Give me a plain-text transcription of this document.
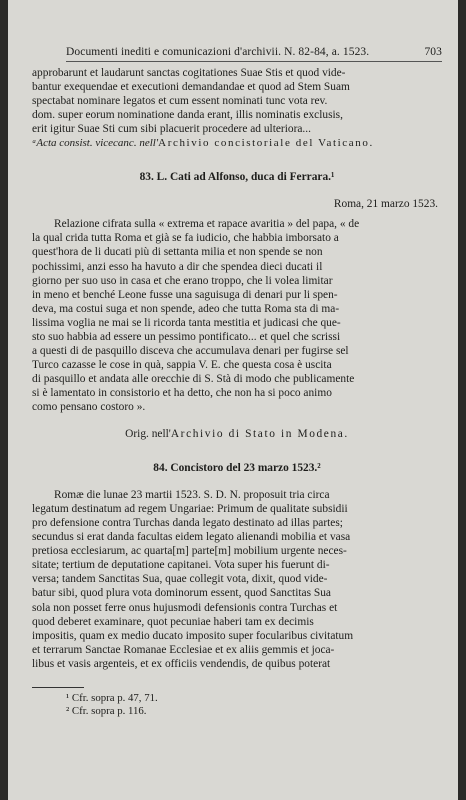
Documenti inediti e comunicazioni d'archivii. N. 82-84, a. 1523.	703

approbarunt et laudarunt sanctas cogitationes Suae Stis et quod vide-

bantur exequendae et executioni demandandae et quod ad Stem Suam

spectabat nominare legatos et cum essent nominati tunc vota rev.

dom. super eorum nominatione danda erant, illis nominatis exclusis,

erit igitur Suae Sti cum sibi placuerit procedere ad ulteriora...

ᵃActa consist. vicecanc. nell'Archivio concistoriale del Vaticano.

83. L. Cati ad Alfonso, duca di Ferrara.¹

Roma, 21 marzo 1523.

Relazione cifrata sulla « extrema et rapace avaritia » del papa, « de

la qual crida tutta Roma et già se fa iudicio, che habbia imborsato a

quest'hora de li ducati più di settanta milia et non spende se non

pochissimi, anzi esso ha havuto a dir che spendea dieci ducati il

giorno per suo uso in casa et che erano troppo, che li volea limitar

in meno et benché Leone fusse una saguisuga di denari pur li spen-

deva, ma costui suga et non spende, adeo che tutta Roma sta di ma-

lissima voglia ne mai se li ricorda tanta mestitia et judicasi che que-

sto suo habbia ad essere un pessimo pontificato... et quel che scrissi

a questi di de pasquillo disceva che accumulava denari per fugirse sel

Turco cazasse le cose in quà, sappia V. E. che questa cosa è uscita

di pasquillo et andata alle orecchie di S. Stà di modo che publicamente

si è lamentato in consistorio et ha detto, che non ha si poco animo

como pensano costoro ».

Orig. nell'Archivio di Stato in Modena.

84. Concistoro del 23 marzo 1523.²

Romæ die lunae 23 martii 1523. S. D. N. proposuit tria circa

legatum destinatum ad regem Ungariae: Primum de qualitate subsidii

pro defensione contra Turchas danda legato destinato ad illas partes;

secundus si erat danda facultas eidem legato alienandi mobilia et vasa

pretiosa ecclesiarum, ac quarta[m] parte[m] mobilium urgente neces-

sitate; tertium de deputatione capitanei. Vota super his fuerunt di-

versa; tandem Sanctitas Sua, quae collegit vota, dixit, quod vide-

batur sibi, quod plura vota dominorum essent, quod Sanctitas Sua

sola non posset ferre onus hujusmodi defensionis contra Turchas et

quod deberet examinare, quot pecuniae haberi tam ex decimis

impositis, quam ex medio ducato imposito super focularibus civitatum

et terrarum Sanctae Romanae Ecclesiae et ex aliis gemmis et joca-

libus et vasis argenteis, et ex officiis vendendis, de quibus poterat

¹ Cfr. sopra p. 47, 71.

² Cfr. sopra p. 116.
